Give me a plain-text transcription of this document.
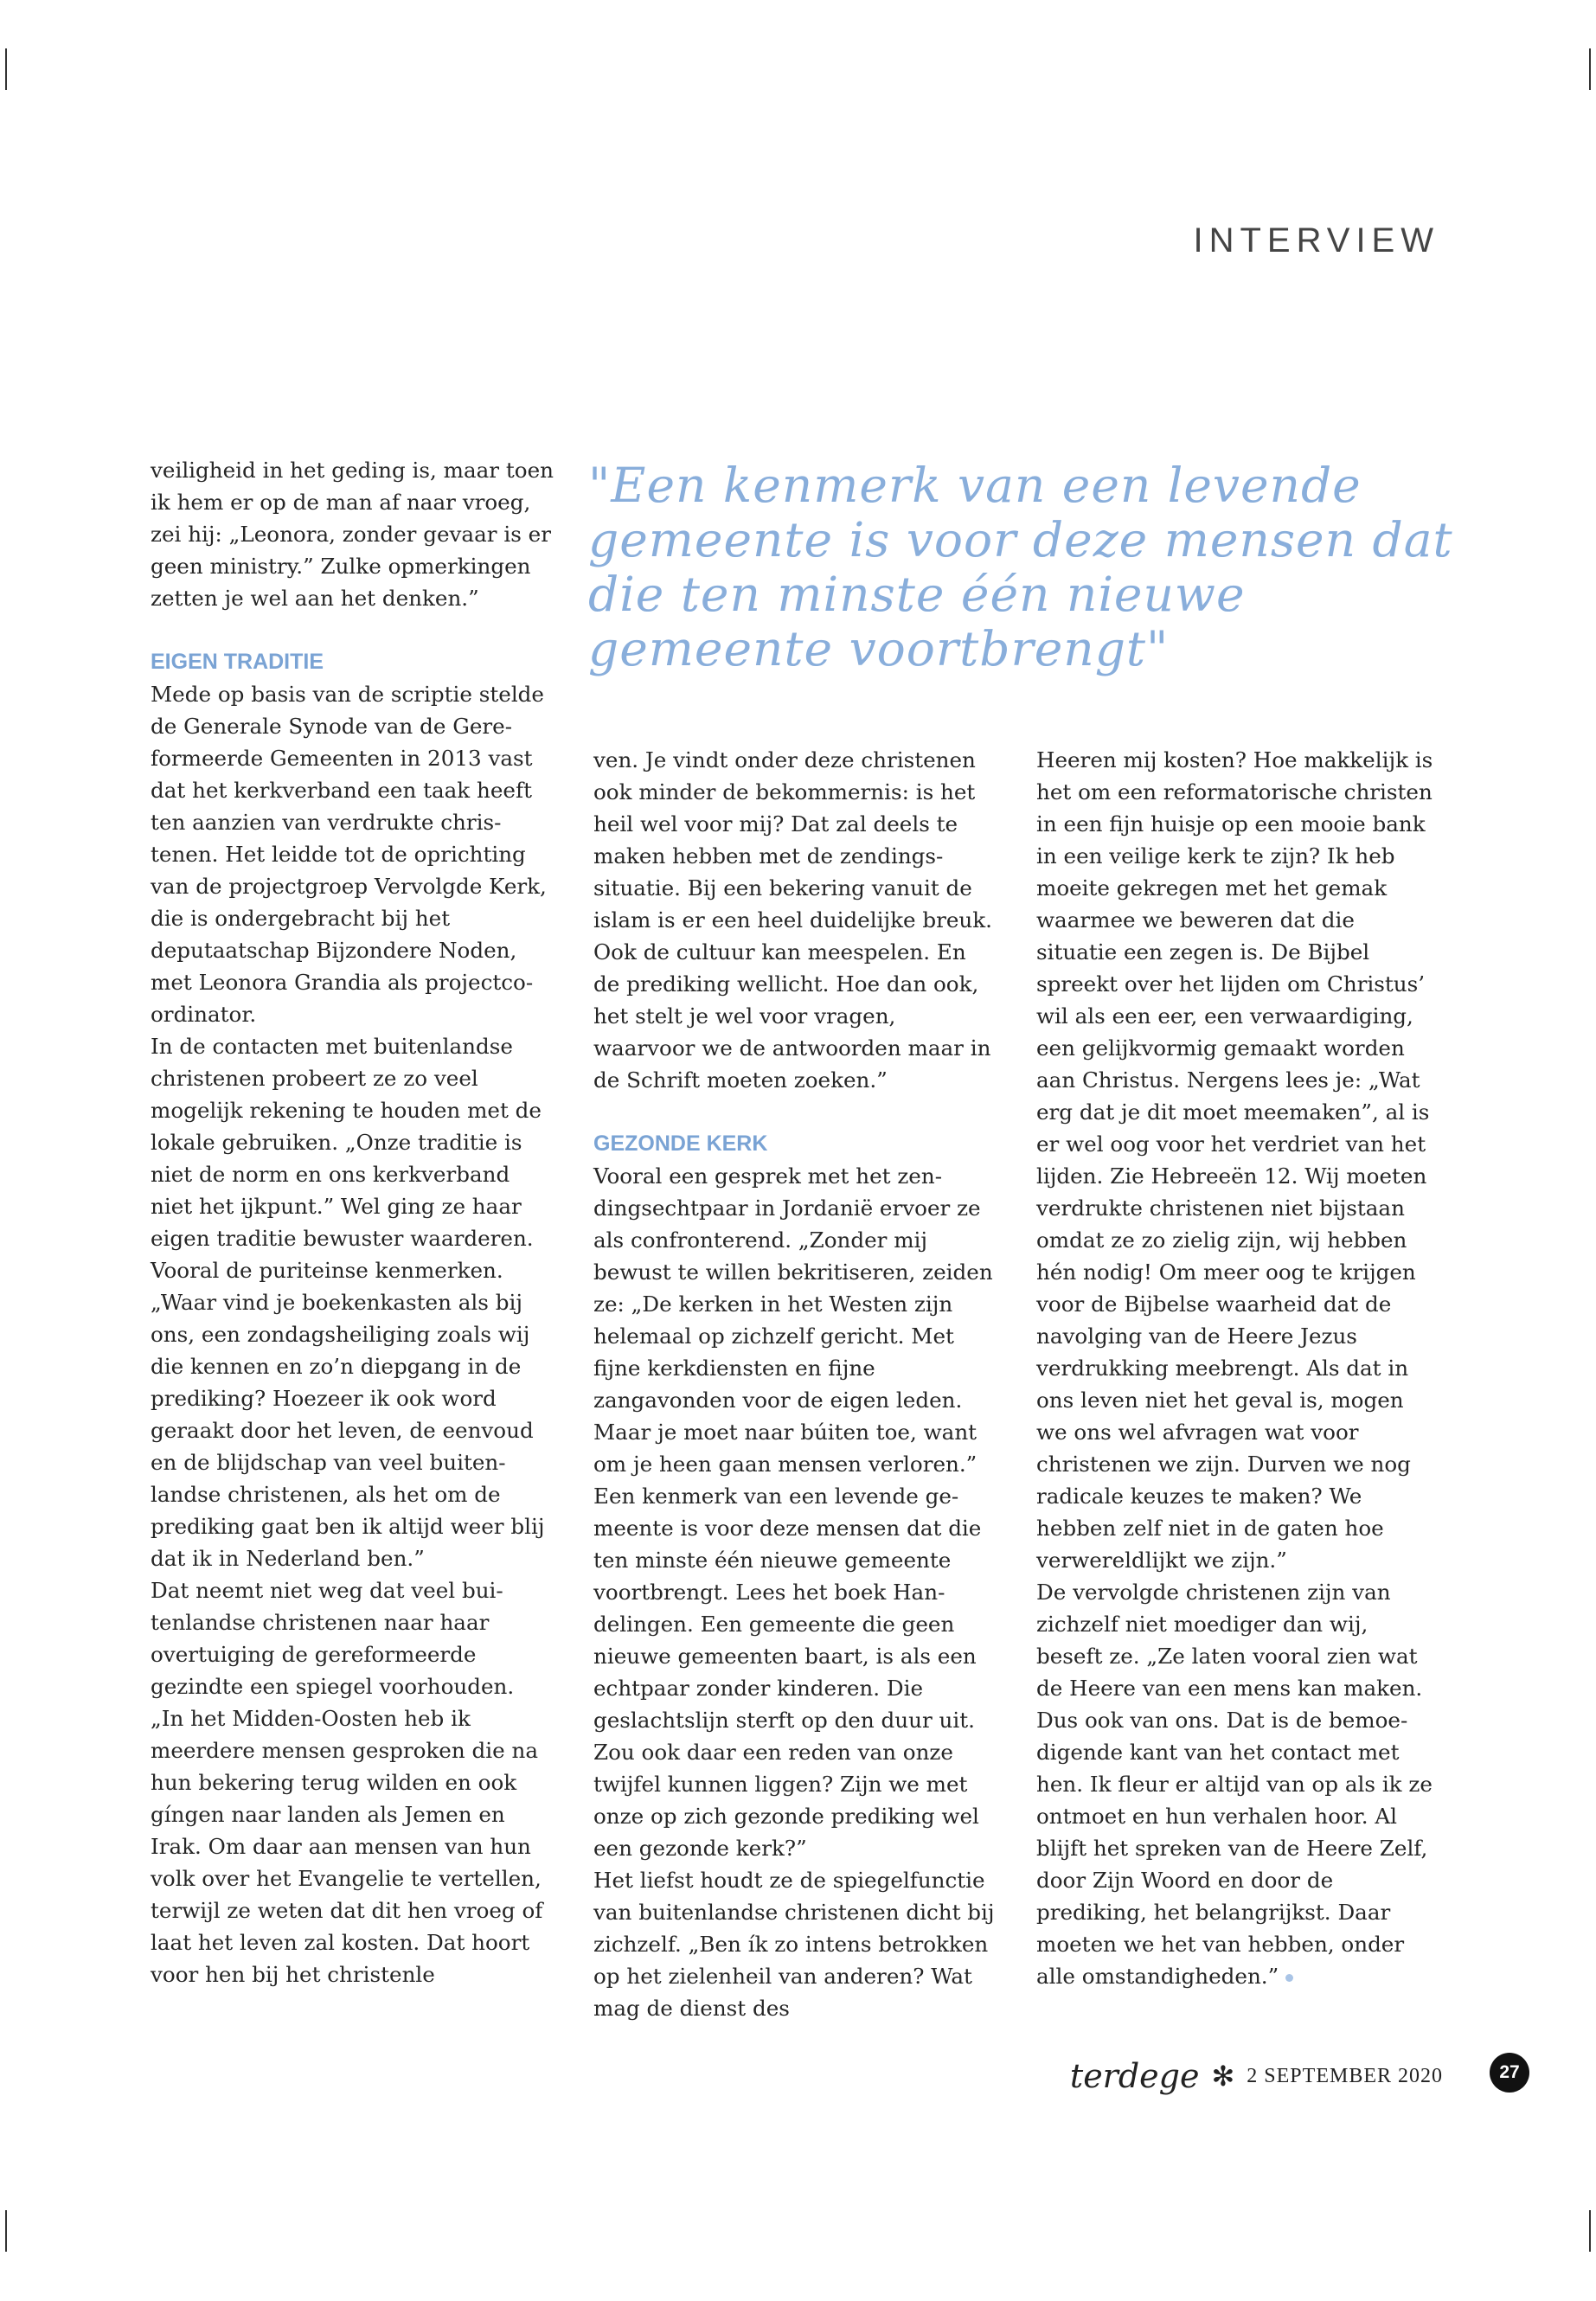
INTERVIEW
"Een kenmerk van een levende gemeente is voor deze mensen dat die ten minste één nieuwe gemeente voortbrengt"

veiligheid in het geding is, maar toen ik hem er op de man af naar vroeg, zei hij: „Leonora, zonder gevaar is er geen ministry.” Zulke opmerkingen zetten je wel aan het denken.”

EIGEN TRADITIE

Mede op basis van de scriptie stelde de Generale Synode van de Gereformeerde Gemeenten in 2013 vast dat het kerkverband een taak heeft ten aanzien van verdrukte christenen. Het leidde tot de oprichting van de projectgroep Vervolgde Kerk, die is ondergebracht bij het deputaatschap Bijzondere Noden, met Leonora Grandia als projectcoordinator.

In de contacten met buitenlandse christenen probeert ze zo veel mogelijk rekening te houden met de lokale gebruiken. „Onze traditie is niet de norm en ons kerkverband niet het ijkpunt.” Wel ging ze haar eigen traditie bewuster waarderen. Vooral de puriteinse kenmerken. „Waar vind je boekenkasten als bij ons, een zondagsheiliging zoals wij die kennen en zo’n diepgang in de prediking? Hoezeer ik ook word geraakt door het leven, de eenvoud en de blijdschap van veel buitenlandse christenen, als het om de prediking gaat ben ik altijd weer blij dat ik in Nederland ben.”

Dat neemt niet weg dat veel buitenlandse christenen naar haar overtuiging de gereformeerde gezindte een spiegel voorhouden. „In het Midden-Oosten heb ik meerdere mensen gesproken die na hun bekering terug wilden en ook gíngen naar landen als Jemen en Irak. Om daar aan mensen van hun volk over het Evangelie te vertellen, terwijl ze weten dat dit hen vroeg of laat het leven zal kosten. Dat hoort voor hen bij het christenle

ven. Je vindt onder deze christenen ook minder de bekommernis: is het heil wel voor mij? Dat zal deels te maken hebben met de zendingssituatie. Bij een bekering vanuit de islam is er een heel duidelijke breuk. Ook de cultuur kan meespelen. En de prediking wellicht. Hoe dan ook, het stelt je wel voor vragen, waarvoor we de antwoorden maar in de Schrift moeten zoeken.”

GEZONDE KERK

Vooral een gesprek met het zendingsechtpaar in Jordanië ervoer ze als confronterend. „Zonder mij bewust te willen bekritiseren, zeiden ze: „De kerken in het Westen zijn helemaal op zichzelf gericht. Met fijne kerkdiensten en fijne zangavonden voor de eigen leden. Maar je moet naar búiten toe, want om je heen gaan mensen verloren.” Een kenmerk van een levende gemeente is voor deze mensen dat die ten minste één nieuwe gemeente voortbrengt. Lees het boek Handelingen. Een gemeente die geen nieuwe gemeenten baart, is als een echtpaar zonder kinderen. Die geslachtslijn sterft op den duur uit. Zou ook daar een reden van onze twijfel kunnen liggen? Zijn we met onze op zich gezonde prediking wel een gezonde kerk?”

Het liefst houdt ze de spiegelfunctie van buitenlandse christenen dicht bij zichzelf. „Ben ík zo intens betrokken op het zielenheil van anderen? Wat mag de dienst des

Heeren mij kosten? Hoe makkelijk is het om een reformatorische christen in een fijn huisje op een mooie bank in een veilige kerk te zijn? Ik heb moeite gekregen met het gemak waarmee we beweren dat die situatie een zegen is. De Bijbel spreekt over het lijden om Christus’ wil als een eer, een verwaardiging, een gelijkvormig gemaakt worden aan Christus. Nergens lees je: „Wat erg dat je dit moet meemaken”, al is er wel oog voor het verdriet van het lijden. Zie Hebreeën 12. Wij moeten verdrukte christenen niet bijstaan omdat ze zo zielig zijn, wij hebben hén nodig! Om meer oog te krijgen voor de Bijbelse waarheid dat de navolging van de Heere Jezus verdrukking meebrengt. Als dat in ons leven niet het geval is, mogen we ons wel afvragen wat voor christenen we zijn. Durven we nog radicale keuzes te maken? We hebben zelf niet in de gaten hoe verwereldlijkt we zijn.”

De vervolgde christenen zijn van zichzelf niet moediger dan wij, beseft ze. „Ze laten vooral zien wat de Heere van een mens kan maken. Dus ook van ons. Dat is de bemoedigende kant van het contact met hen. Ik fleur er altijd van op als ik ze ontmoet en hun verhalen hoor. Al blijft het spreken van de Heere Zelf, door Zijn Woord en door de prediking, het belangrijkst. Daar moeten we het van hebben, onder alle omstandigheden.”

terdege ✻ 2 SEPTEMBER 2020	27
